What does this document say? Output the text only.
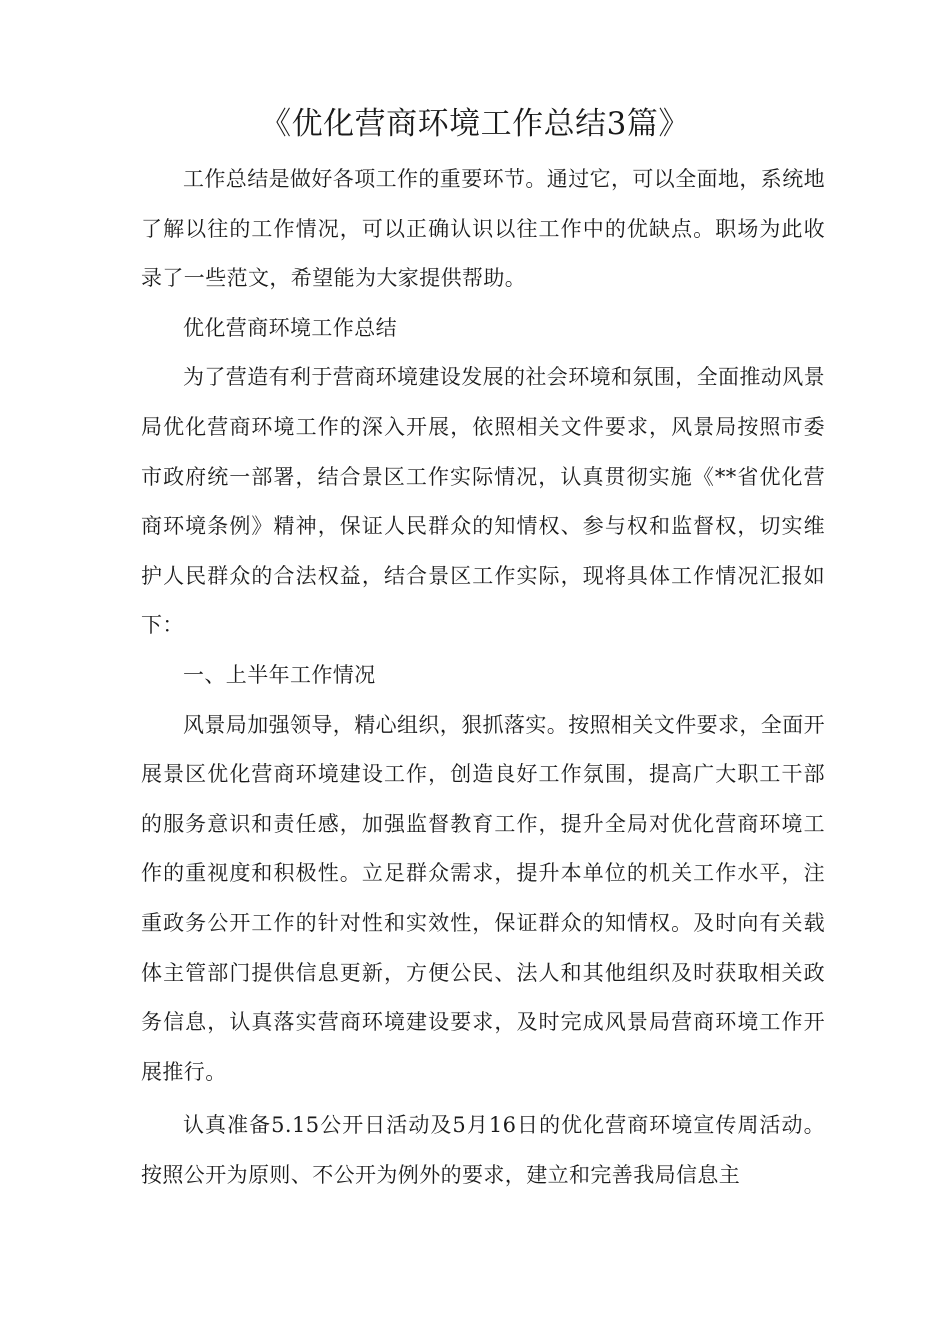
《优化营商环境工作总结3篇》

工作总结是做好各项工作的重要环节。通过它，可以全面地，系统地了解以往的工作情况，可以正确认识以往工作中的优缺点。职场为此收录了一些范文，希望能为大家提供帮助。

优化营商环境工作总结

为了营造有利于营商环境建设发展的社会环境和氛围，全面推动风景局优化营商环境工作的深入开展，依照相关文件要求，风景局按照市委市政府统一部署，结合景区工作实际情况，认真贯彻实施《**省优化营商环境条例》精神，保证人民群众的知情权、参与权和监督权，切实维护人民群众的合法权益，结合景区工作实际，现将具体工作情况汇报如下：

一、上半年工作情况

风景局加强领导，精心组织，狠抓落实。按照相关文件要求，全面开展景区优化营商环境建设工作，创造良好工作氛围，提高广大职工干部的服务意识和责任感，加强监督教育工作，提升全局对优化营商环境工作的重视度和积极性。立足群众需求，提升本单位的机关工作水平，注重政务公开工作的针对性和实效性，保证群众的知情权。及时向有关载体主管部门提供信息更新，方便公民、法人和其他组织及时获取相关政务信息，认真落实营商环境建设要求，及时完成风景局营商环境工作开展推行。

认真准备5.15公开日活动及5月16日的优化营商环境宣传周活动。按照公开为原则、不公开为例外的要求，建立和完善我局信息主
